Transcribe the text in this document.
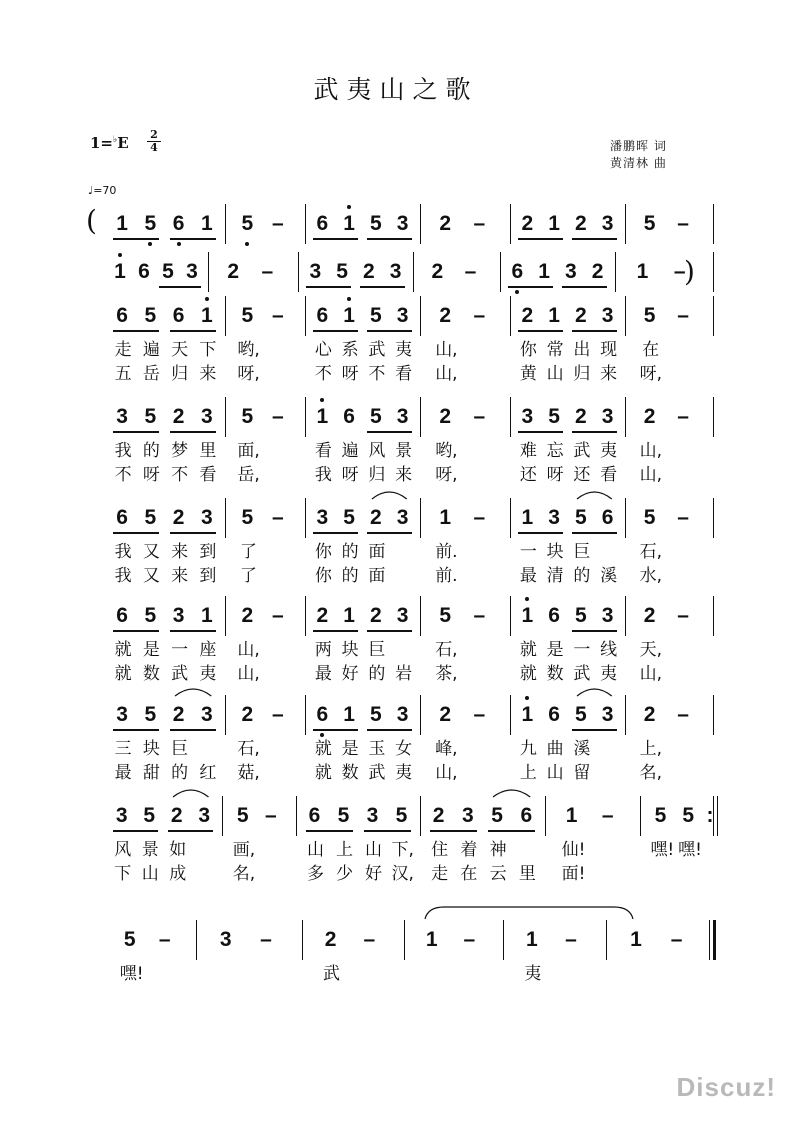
武夷山之歌
1=♭E 2
4	潘鹏晖 词
黄清林 曲
♩=70
(
)
1 5 6 1 5 – 6 1 5 3 2 – 2 1 2 3 5 –
1 6 5 3 2 – 3 5 2 3 2 – 6 1 3 2 1 –
6 5 6 1 5 – 6 1 5 3 2 – 2 1 2 3 5 –
走 遍 天 下 哟,	心 系 武 夷 山,	你 常 出 现 在
五 岳 归 来 呀,	不 呀 不 看 山,	黄 山 归 来 呀,
3 5 2 3 5 – 1 6 5 3 2 – 3 5 2 3 2 –
我 的 梦 里 面,	看 遍 风 景 哟,	难 忘 武 夷 山,
不 呀 不 看 岳,	我 呀 归 来 呀,	还 呀 还 看 山,
6 5 2 3 5 – 3 5 2 3 1 – 1 3 5 6 5 –
我 又 来 到 了	你 的 面	前.	一 块 巨	石,
我 又 来 到 了	你 的 面	前.	最 清 的 溪 水,
6 5 3 1 2 – 2 1 2 3 5 – 1 6 5 3 2 –
就 是 一 座 山,	两 块 巨	石,	就 是 一 线 天,
就 数 武 夷 山,	最 好 的 岩 茶,	就 数 武 夷 山,
3 5 2 3 2 – 6 1 5 3 2 – 1 6 5 3 2 –
三 块 巨	石,	就 是 玉 女 峰,	九 曲 溪	上,
最 甜 的 红 菇,	就 数 武 夷 山,	上 山 留	名,
3 5 2 3 5 – 6 5 3 5 2 3 5 6 1 – 5 5 :
风 景 如	画,	山 上 山 下, 住 着 神	仙!	嘿! 嘿!
下 山 成	名,	多 少 好 汉, 走 在 云 里 面!
5 – 3 –	2 – 1 – 1 –	1 –
嘿!	武	夷
Discuz!
